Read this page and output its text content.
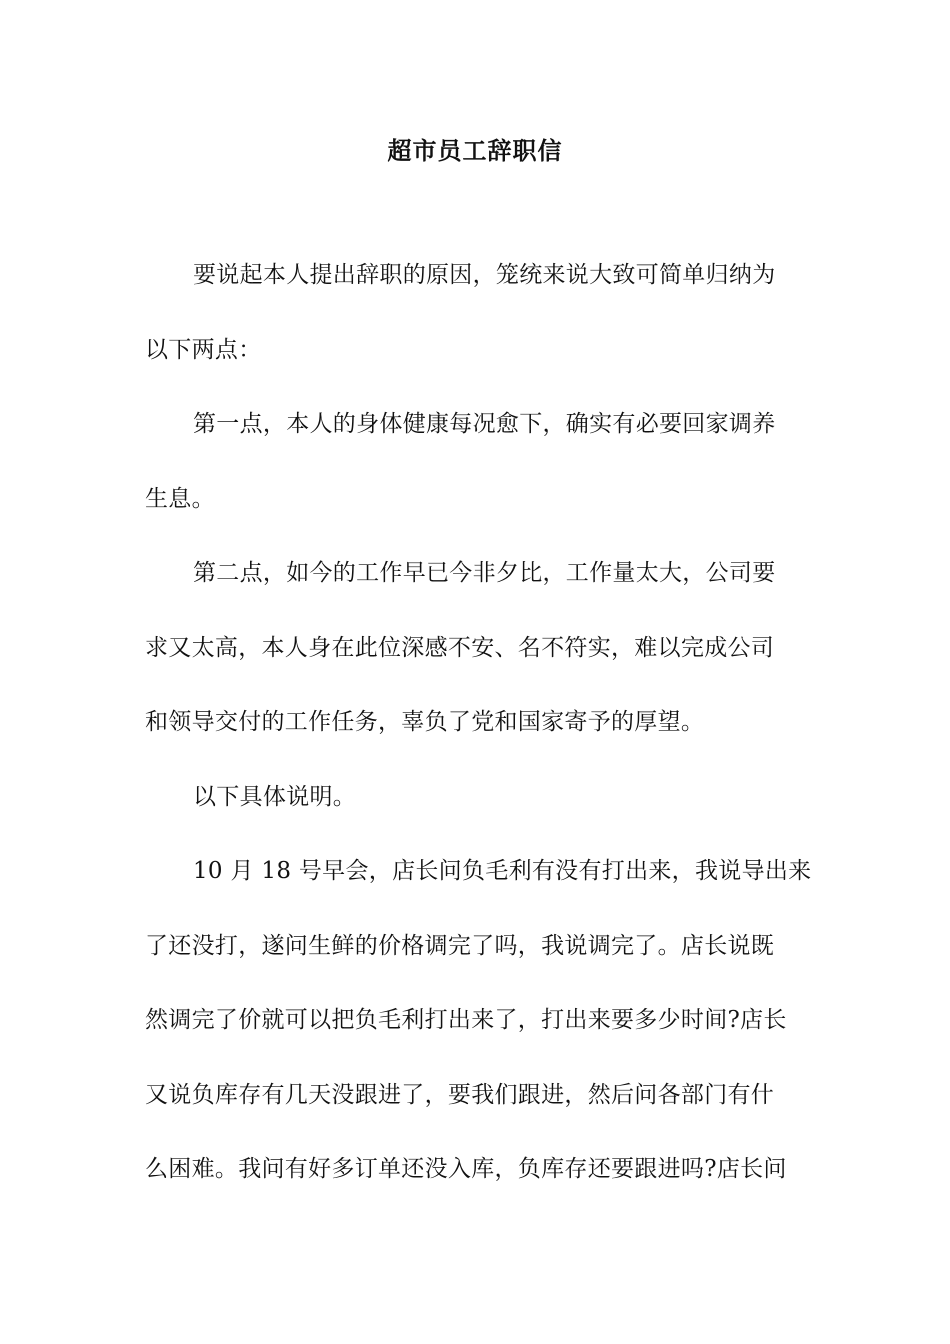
超市员工辞职信
要说起本人提出辞职的原因，笼统来说大致可简单归纳为
以下两点：
第一点，本人的身体健康每况愈下，确实有必要回家调养
生息。
第二点，如今的工作早已今非夕比，工作量太大，公司要
求又太高，本人身在此位深感不安、名不符实，难以完成公司
和领导交付的工作任务，辜负了党和国家寄予的厚望。
以下具体说明。
10 月 18 号早会，店长问负毛利有没有打出来，我说导出来
了还没打，遂问生鲜的价格调完了吗，我说调完了。店长说既
然调完了价就可以把负毛利打出来了，打出来要多少时间?店长
又说负库存有几天没跟进了，要我们跟进，然后问各部门有什
么困难。我问有好多订单还没入库，负库存还要跟进吗?店长问
